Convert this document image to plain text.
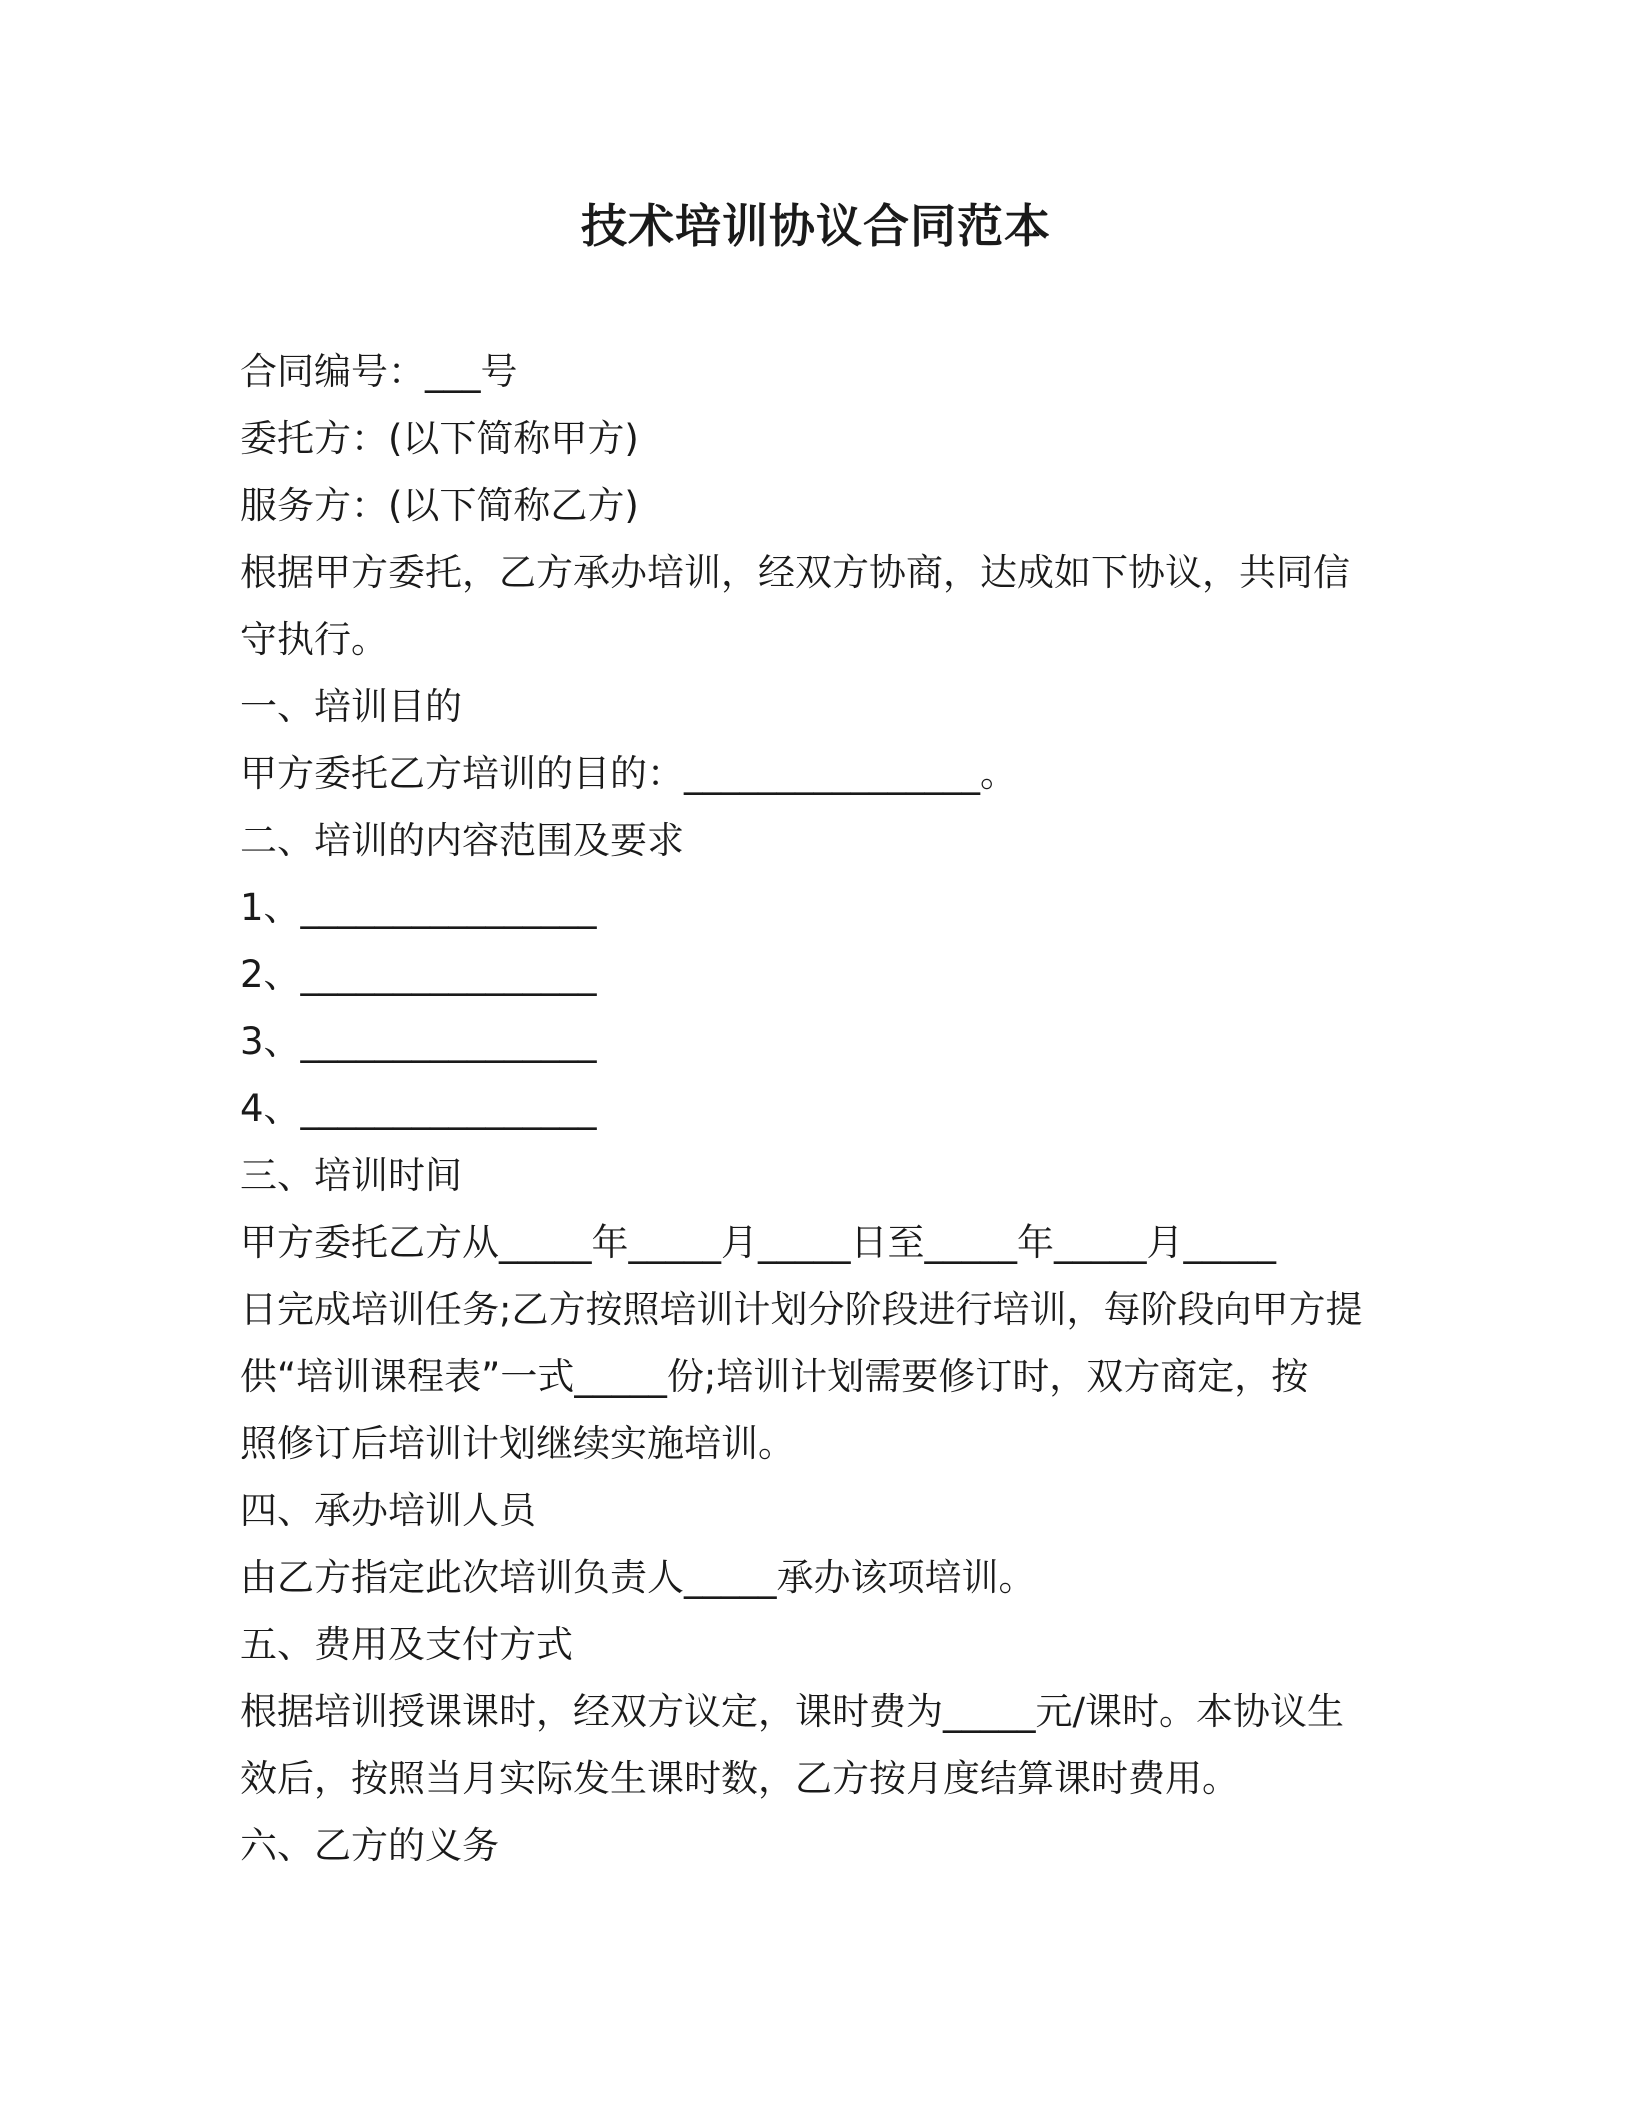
技术培训协议合同范本
合同编号：___号
委托方：(以下简称甲方)
服务方：(以下简称乙方)
根据甲方委托，乙方承办培训，经双方协商，达成如下协议，共同信
守执行。
一、培训目的
甲方委托乙方培训的目的：________________。
二、培训的内容范围及要求
1、________________
2、________________
3、________________
4、________________
三、培训时间
甲方委托乙方从_____年_____月_____日至_____年_____月_____
日完成培训任务;乙方按照培训计划分阶段进行培训，每阶段向甲方提
供“培训课程表”一式_____份;培训计划需要修订时，双方商定，按
照修订后培训计划继续实施培训。
四、承办培训人员
由乙方指定此次培训负责人_____承办该项培训。
五、费用及支付方式
根据培训授课课时，经双方议定，课时费为_____元/课时。本协议生
效后，按照当月实际发生课时数，乙方按月度结算课时费用。
六、乙方的义务
